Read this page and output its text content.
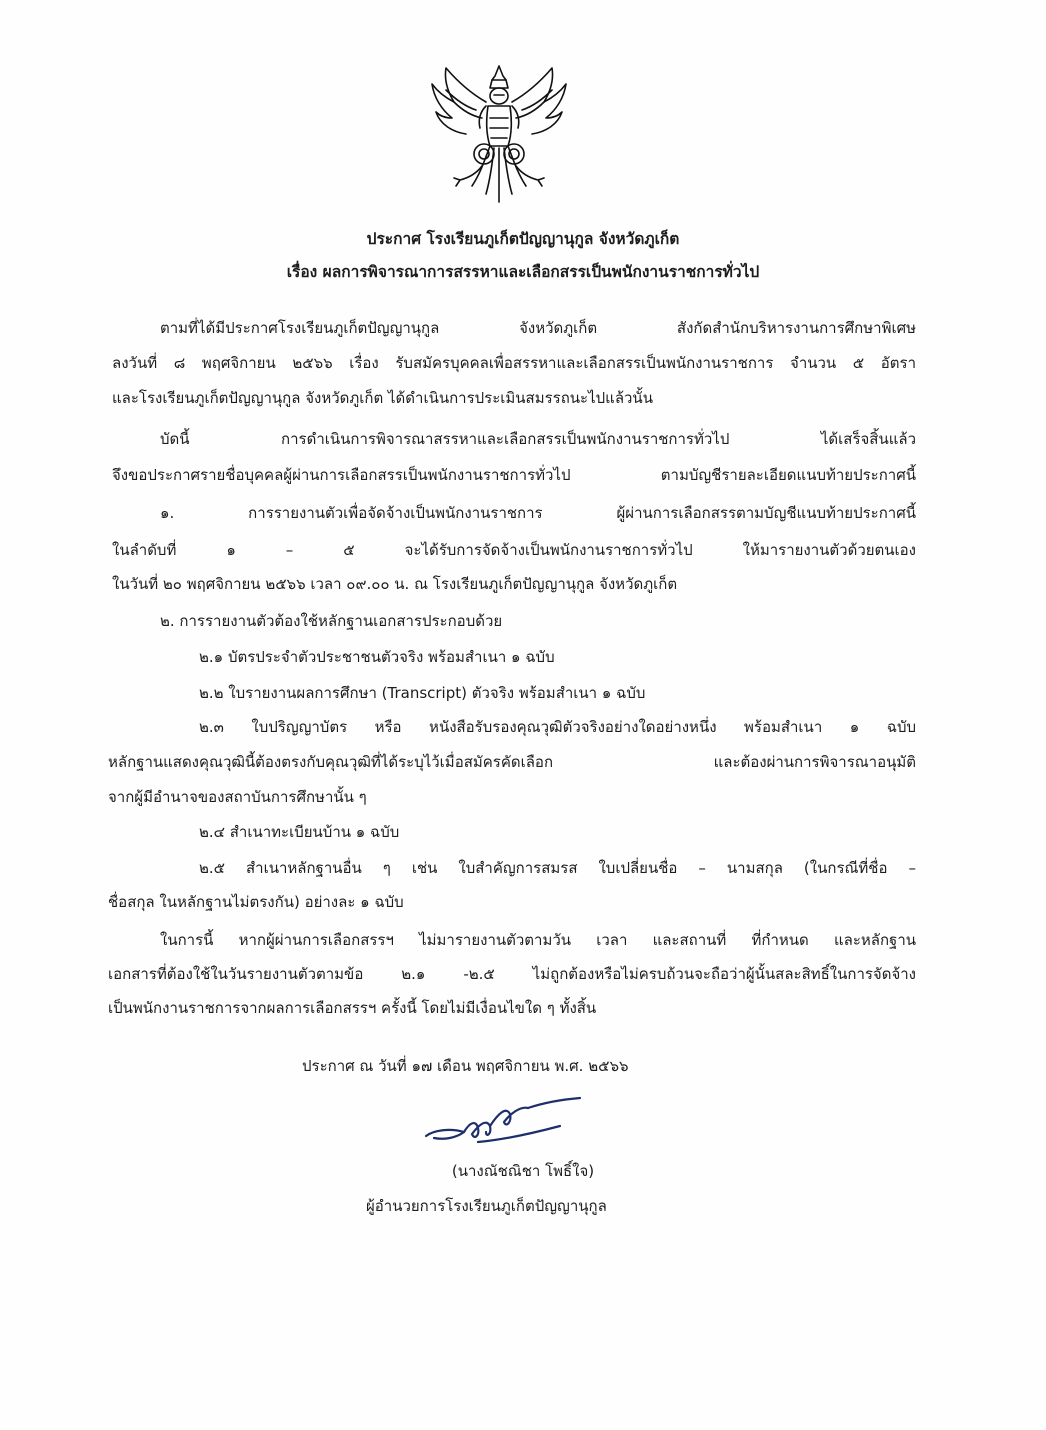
ประกาศ โรงเรียนภูเก็ตปัญญานุกูล จังหวัดภูเก็ต
เรื่อง ผลการพิจารณาการสรรหาและเลือกสรรเป็นพนักงานราชการทั่วไป
ตามที่ได้มีประกาศโรงเรียนภูเก็ตปัญญานุกูล จังหวัดภูเก็ต สังกัดสำนักบริหารงานการศึกษาพิเศษ
ลงวันที่ ๘ พฤศจิกายน ๒๕๖๖ เรื่อง รับสมัครบุคคลเพื่อสรรหาและเลือกสรรเป็นพนักงานราชการ จำนวน ๕ อัตรา
และโรงเรียนภูเก็ตปัญญานุกูล จังหวัดภูเก็ต ได้ดำเนินการประเมินสมรรถนะไปแล้วนั้น
บัดนี้ การดำเนินการพิจารณาสรรหาและเลือกสรรเป็นพนักงานราชการทั่วไป ได้เสร็จสิ้นแล้ว
จึงขอประกาศรายชื่อบุคคลผู้ผ่านการเลือกสรรเป็นพนักงานราชการทั่วไป ตามบัญชีรายละเอียดแนบท้ายประกาศนี้
๑. การรายงานตัวเพื่อจัดจ้างเป็นพนักงานราชการ ผู้ผ่านการเลือกสรรตามบัญชีแนบท้ายประกาศนี้
ในลำดับที่ ๑ – ๕ จะได้รับการจัดจ้างเป็นพนักงานราชการทั่วไป ให้มารายงานตัวด้วยตนเอง
ในวันที่ ๒๐ พฤศจิกายน ๒๕๖๖ เวลา ๐๙.๐๐ น. ณ โรงเรียนภูเก็ตปัญญานุกูล จังหวัดภูเก็ต
๒. การรายงานตัวต้องใช้หลักฐานเอกสารประกอบด้วย
๒.๑ บัตรประจำตัวประชาชนตัวจริง พร้อมสำเนา ๑ ฉบับ
๒.๒ ใบรายงานผลการศึกษา (Transcript) ตัวจริง พร้อมสำเนา ๑ ฉบับ
๒.๓ ใบปริญญาบัตร หรือ หนังสือรับรองคุณวุฒิตัวจริงอย่างใดอย่างหนึ่ง พร้อมสำเนา ๑ ฉบับ
หลักฐานแสดงคุณวุฒินี้ต้องตรงกับคุณวุฒิที่ได้ระบุไว้เมื่อสมัครคัดเลือก และต้องผ่านการพิจารณาอนุมัติ
จากผู้มีอำนาจของสถาบันการศึกษานั้น ๆ
๒.๔ สำเนาทะเบียนบ้าน ๑ ฉบับ
๒.๕ สำเนาหลักฐานอื่น ๆ เช่น ใบสำคัญการสมรส ใบเปลี่ยนชื่อ – นามสกุล (ในกรณีที่ชื่อ –
ชื่อสกุล ในหลักฐานไม่ตรงกัน) อย่างละ ๑ ฉบับ
ในการนี้ หากผู้ผ่านการเลือกสรรฯ ไม่มารายงานตัวตามวัน เวลา และสถานที่ ที่กำหนด และหลักฐาน
เอกสารที่ต้องใช้ในวันรายงานตัวตามข้อ ๒.๑ -๒.๕ ไม่ถูกต้องหรือไม่ครบถ้วนจะถือว่าผู้นั้นสละสิทธิ์ในการจัดจ้าง
เป็นพนักงานราชการจากผลการเลือกสรรฯ ครั้งนี้ โดยไม่มีเงื่อนไขใด ๆ ทั้งสิ้น
ประกาศ ณ วันที่ ๑๗ เดือน พฤศจิกายน พ.ศ. ๒๕๖๖
(นางณัชณิชา โพธิ์ใจ)
ผู้อำนวยการโรงเรียนภูเก็ตปัญญานุกูล
